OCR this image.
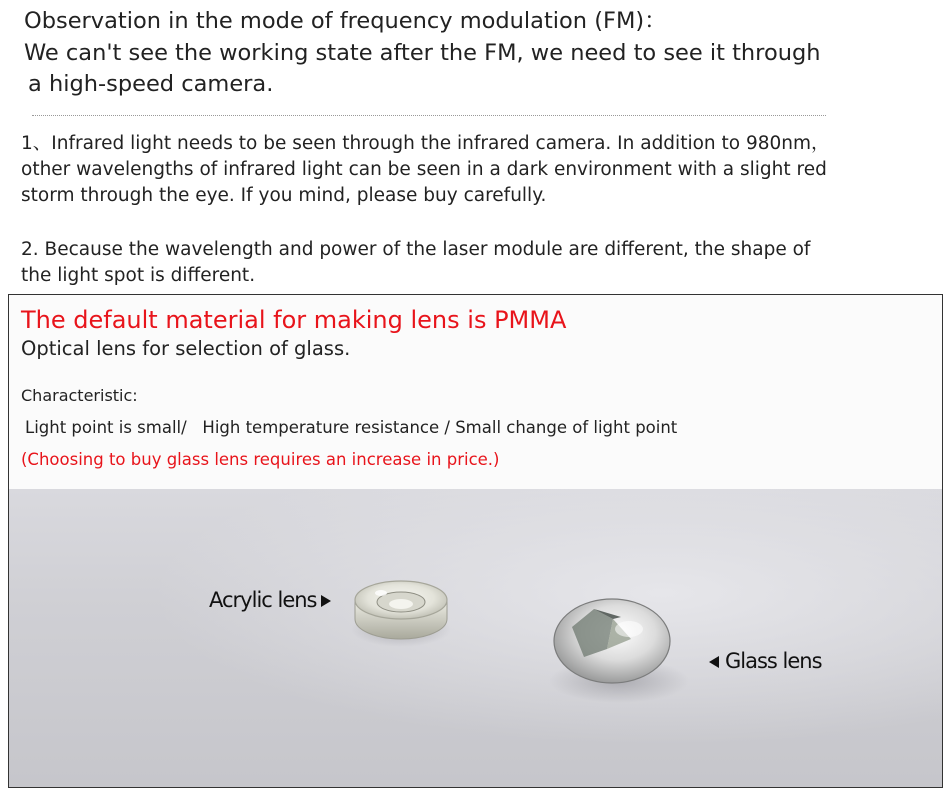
Observation in the mode of frequency modulation (FM)：
We can't see the working state after the FM, we need to see it through
a high-speed camera.
1、Infrared light needs to be seen through the infrared camera. In addition to 980nm，
other wavelengths of infrared light can be seen in a dark environment with a slight red
storm through the eye. If you mind, please buy carefully.
2. Because the wavelength and power of the laser module are different, the shape of
the light spot is different.
The default material for making lens is PMMA
Optical lens for selection of glass.
Characteristic:
Light point is small/   High temperature resistance / Small change of light point
(Choosing to buy glass lens requires an increase in price.)
Acrylic lens
Glass lens
